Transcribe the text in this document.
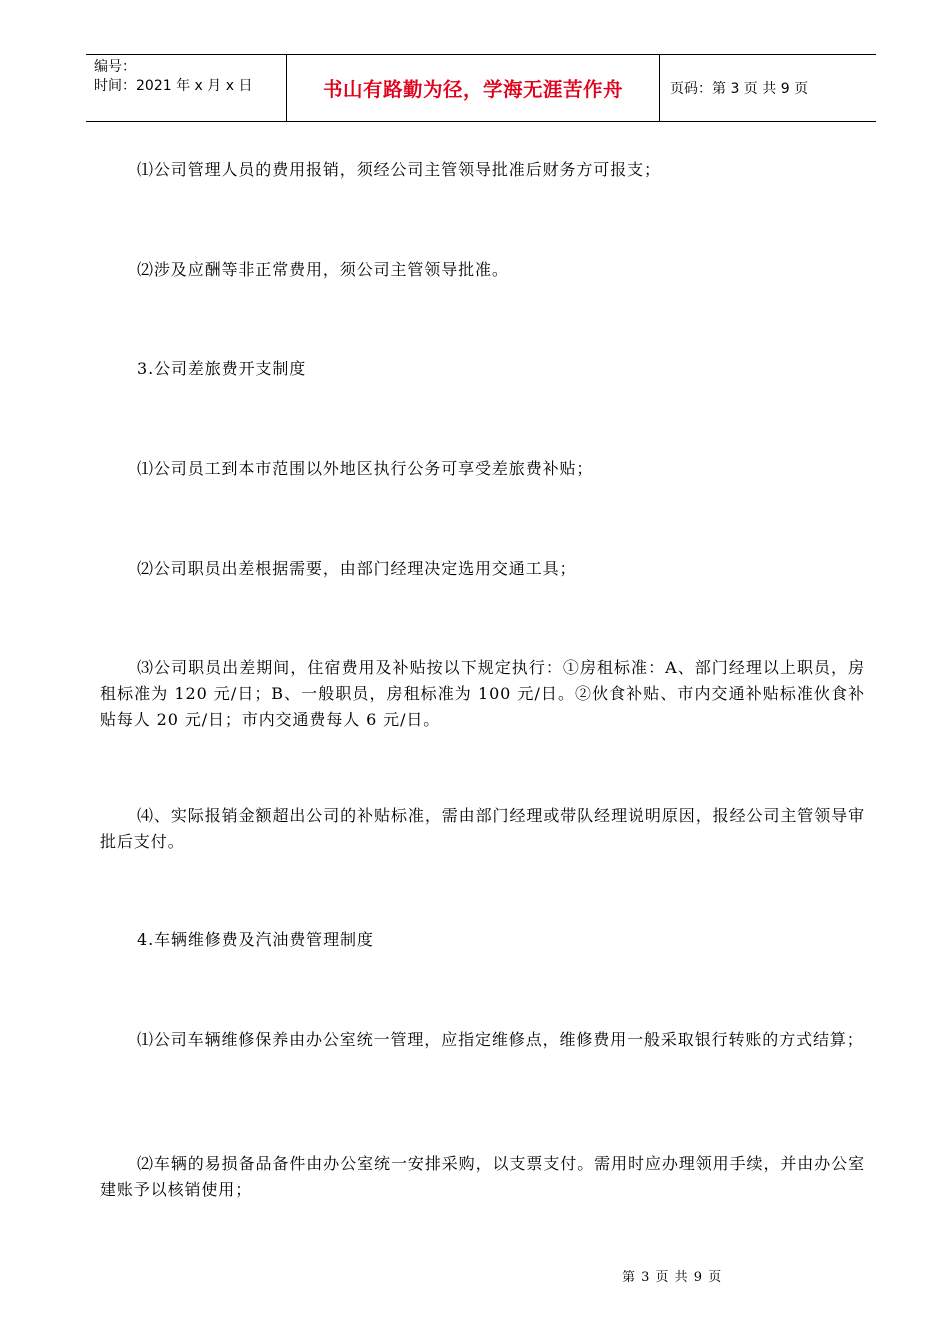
编号：
时间：2021 年 x 月 x 日	书山有路勤为径，学海无涯苦作舟	页码：第 3 页 共 9 页
⑴公司管理人员的费用报销，须经公司主管领导批准后财务方可报支；
⑵涉及应酬等非正常费用，须公司主管领导批准。
3.公司差旅费开支制度
⑴公司员工到本市范围以外地区执行公务可享受差旅费补贴；
⑵公司职员出差根据需要，由部门经理决定选用交通工具；
⑶公司职员出差期间，住宿费用及补贴按以下规定执行：①房租标准：A、部门经理以上职员，房租标准为 120 元/日；B、一般职员，房租标准为 100 元/日。②伙食补贴、市内交通补贴标准伙食补贴每人 20 元/日；市内交通费每人 6 元/日。
⑷、实际报销金额超出公司的补贴标准，需由部门经理或带队经理说明原因，报经公司主管领导审批后支付。
4.车辆维修费及汽油费管理制度
⑴公司车辆维修保养由办公室统一管理，应指定维修点，维修费用一般采取银行转账的方式结算；
⑵车辆的易损备品备件由办公室统一安排采购，以支票支付。需用时应办理领用手续，并由办公室建账予以核销使用；
第 3 页 共 9 页
